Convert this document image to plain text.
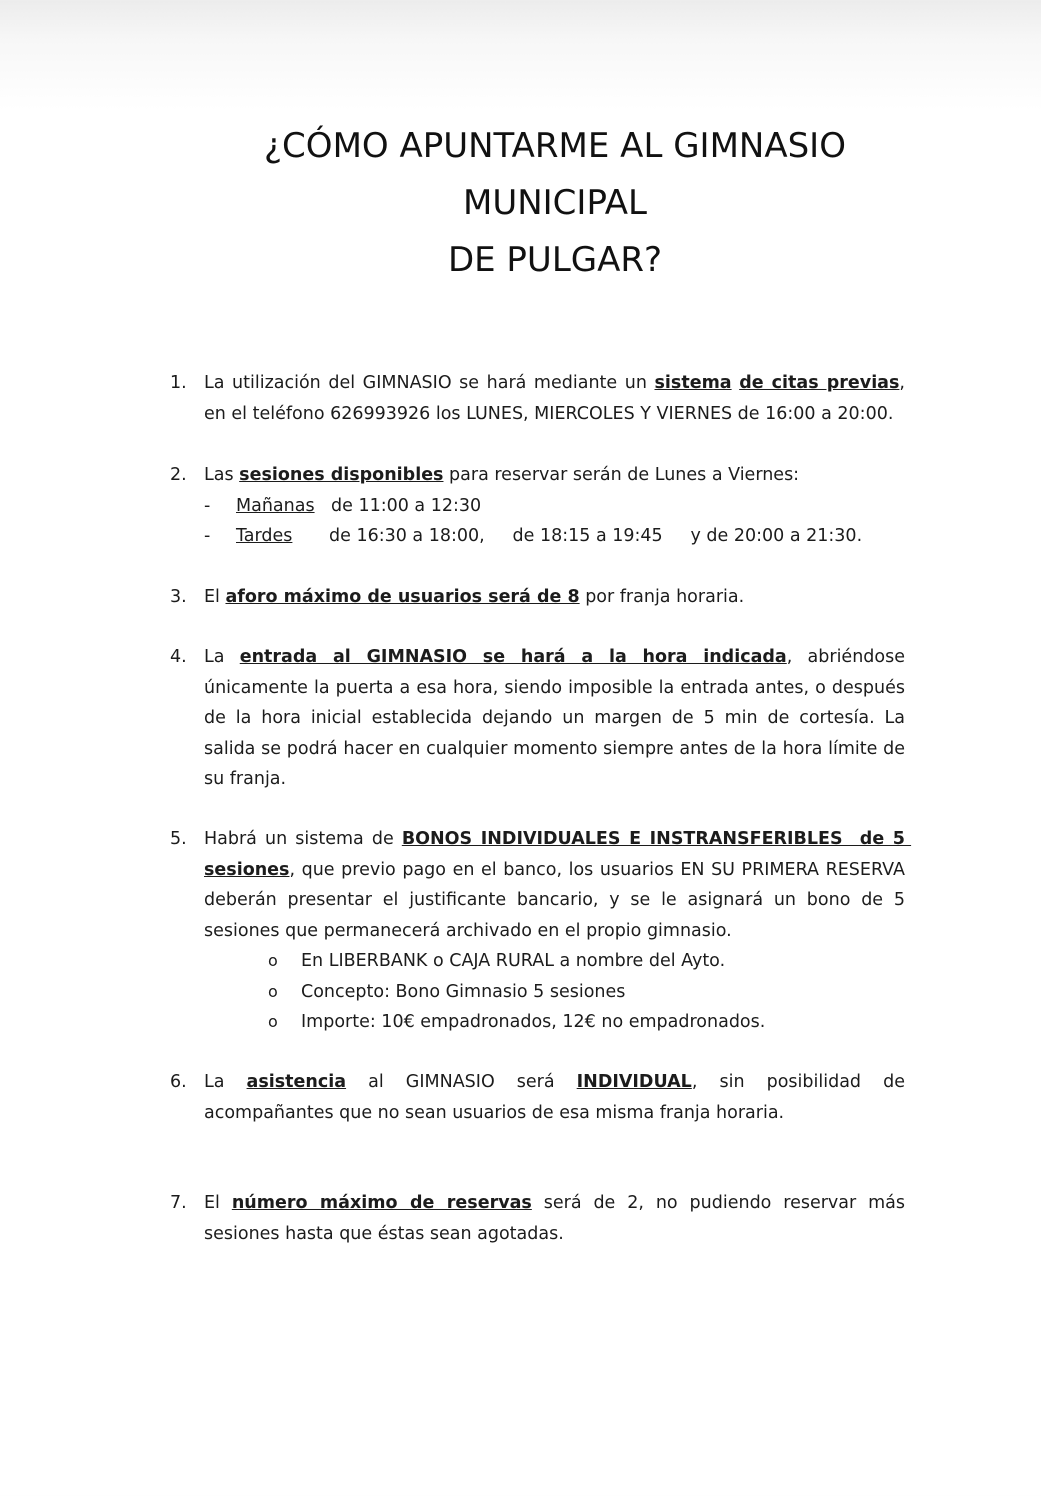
¿CÓMO APUNTARME AL GIMNASIO
MUNICIPAL
DE PULGAR?
1. La utilización del GIMNASIO se hará mediante un sistema de citas previas, en el teléfono 626993926 los LUNES, MIERCOLES Y VIERNES de 16:00 a 20:00.
2. Las sesiones disponibles para reservar serán de Lunes a Viernes:
- Mañanas de 11:00 a 12:30
- Tardes de 16:30 a 18:00,     de 18:15 a 19:45     y de 20:00 a 21:30.
3. El aforo máximo de usuarios será de 8 por franja horaria.
4. La entrada al GIMNASIO se hará a la hora indicada, abriéndose únicamente la puerta a esa hora, siendo imposible la entrada antes, o después de la hora inicial establecida dejando un margen de 5 min de cortesía. La salida se podrá hacer en cualquier momento siempre antes de la hora límite de su franja.
5. Habrá un sistema de BONOS INDIVIDUALES E INSTRANSFERIBLES  de 5 sesiones, que previo pago en el banco, los usuarios EN SU PRIMERA RESERVA deberán presentar el justificante bancario, y se le asignará un bono de 5 sesiones que permanecerá archivado en el propio gimnasio.
o En LIBERBANK o CAJA RURAL a nombre del Ayto.
o Concepto: Bono Gimnasio 5 sesiones
o Importe: 10€ empadronados, 12€ no empadronados.
6. La asistencia al GIMNASIO será INDIVIDUAL, sin posibilidad de acompañantes que no sean usuarios de esa misma franja horaria.
7. El número máximo de reservas será de 2, no pudiendo reservar más sesiones hasta que éstas sean agotadas.
